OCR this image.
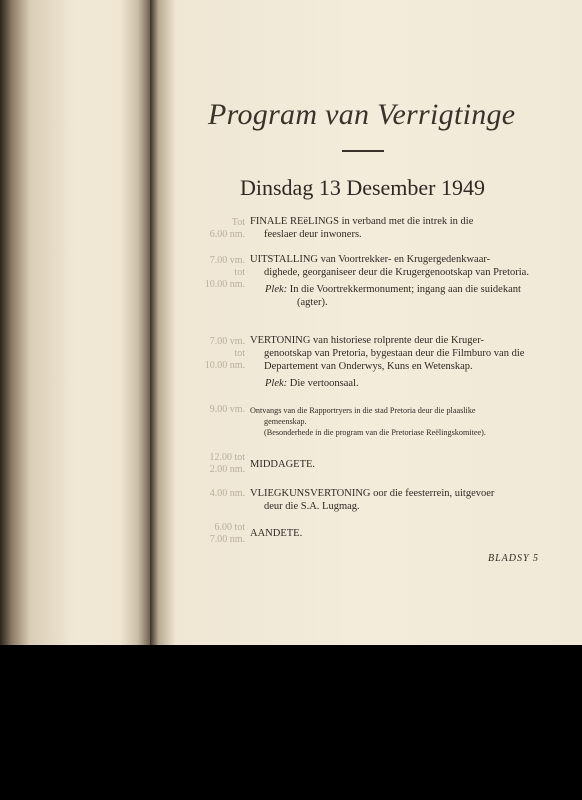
Program van Verrigtinge
Dinsdag 13 Desember 1949
Tot
6.00 nm.
FINALE REëLINGS in verband met die intrek in die
feeslaer deur inwoners.
7.00 vm.
tot
10.00 nm.
UITSTALLING van Voortrekker- en Krugergedenkwaar-
dighede, georganiseer deur die Krugergenootskap van Pretoria.
Plek: In die Voortrekkermonument; ingang aan die suidekant (agter).
7.00 vm.
tot
10.00 nm.
VERTONING van historiese rolprente deur die Kruger-
genootskap van Pretoria, bygestaan deur die Filmburo van die Departement van Onderwys, Kuns en Wetenskap.
Plek: Die vertoonsaal.
9.00 vm. Ontvangs van die Rapportryers in die stad Pretoria deur die plaaslike
gemeenskap.
(Besonderhede in die program van die Pretoriase Reëlingskomitee).
12.00 tot
2.00 nm. MIDDAGETE.
4.00 nm. VLIEGKUNSVERTONING oor die feesterrein, uitgevoer
deur die S.A. Lugmag.
6.00 tot
7.00 nm.
AANDETE.
BLADSY 5
